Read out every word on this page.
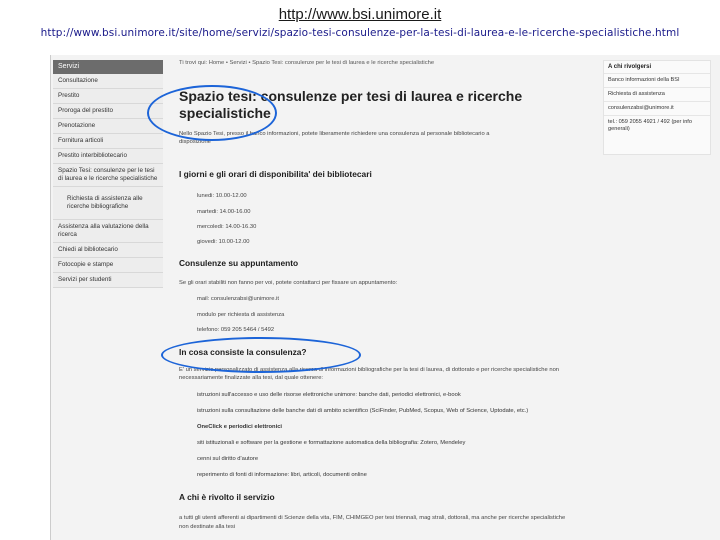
http://www.bsi.unimore.it
http://www.bsi.unimore.it/site/home/servizi/spazio-tesi-consulenze-per-la-tesi-di-laurea-e-le-ricerche-specialistiche.html
Servizi
Consultazione
Prestito
Proroga del prestito
Prenotazione
Fornitura articoli
Prestito interbibliotecario
Spazio Tesi: consulenze per le tesi di laurea e le ricerche specialistiche
Richiesta di assistenza alle ricerche bibliografiche
Assistenza alla valutazione della ricerca
Chiedi al bibliotecario
Fotocopie e stampe
Servizi per studenti
Ti trovi qui: Home • Servizi • Spazio Tesi: consulenze per le tesi di laurea e le ricerche specialistiche
Spazio tesi: consulenze per tesi di laurea e ricerche
specialistiche
Nello Spazio Tesi, presso il banco informazioni, potete liberamente richiedere una consulenza al personale bibliotecario a
disposizione
I giorni e gli orari di disponibilita' dei bibliotecari
lunedi: 10.00-12.00
martedi: 14.00-16.00
mercoledi: 14.00-16.30
giovedi: 10.00-12.00
Consulenze su appuntamento
Se gli orari stabiliti non fanno per voi, potete contattarci per fissare un appuntamento:
mail: consulenzabsi@unimore.it
modulo per richiesta di assistenza
telefono: 059 205 5464 / 5492
In cosa consiste la consulenza?
E' un servizio personalizzato di assistenza alla ricerca di informazioni bibliografiche per la tesi di laurea, di dottorato e per ricerche specialistiche non
necessariamente finalizzate alla tesi, dal quale ottenere:
istruzioni sull'accesso e uso delle risorse elettroniche unimore: banche dati, periodici elettronici, e-book
istruzioni sulla consultazione delle banche dati di ambito scientifico (SciFinder, PubMed, Scopus, Web of Science, Uptodate, etc.)
OneClick e periodici elettronici
siti istituzionali e software per la gestione e formattazione automatica della bibliografia: Zotero, Mendeley
cenni sul diritto d'autore
reperimento di fonti di informazione: libri, articoli, documenti online
A chi è rivolto il servizio
a tutti gli utenti afferenti ai dipartimenti di Scienze della vita, FIM, CHIMGEO per tesi triennali, mag strali, dottorali, ma anche per ricerche specialistiche
non destinate alla tesi
A chi rivolgersi
Banco informazioni della BSI
Richiesta di assistenza
consulenzabsi@unimore.it
tel.: 059 2055 4921 / 492 (per info generali)
